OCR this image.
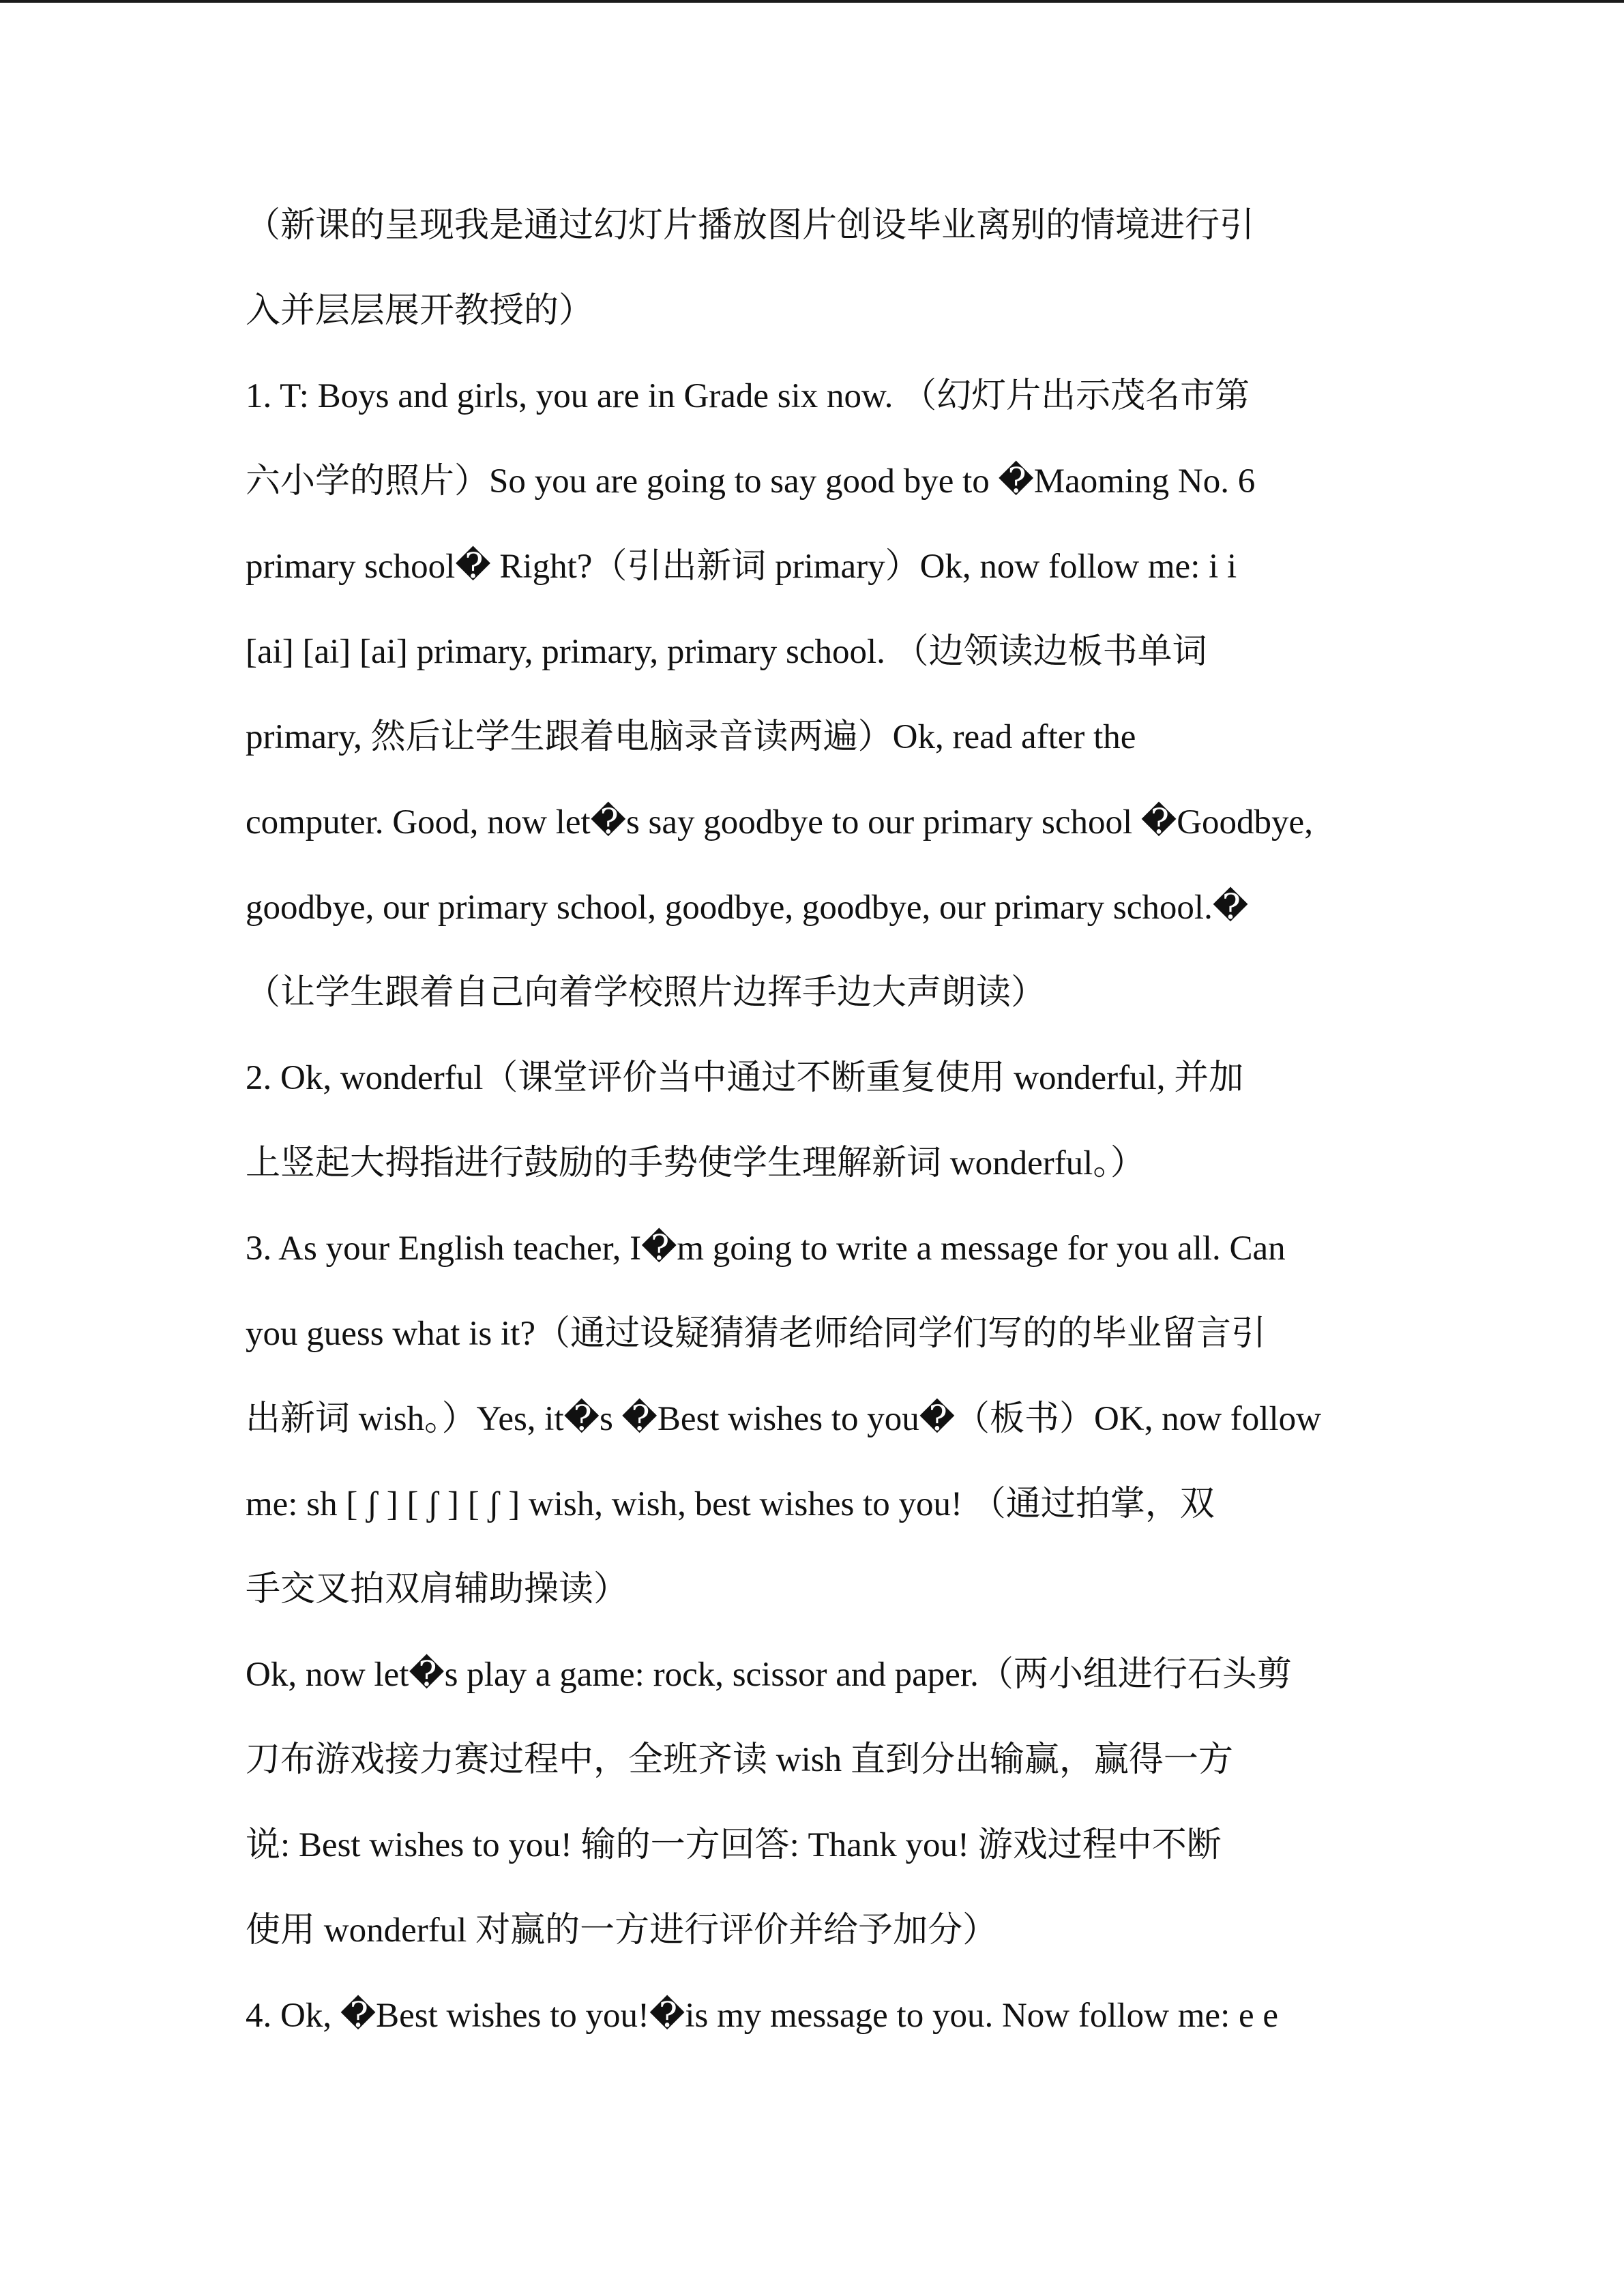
（新课的呈现我是通过幻灯片播放图片创设毕业离别的情境进行引
入并层层展开教授的）
1. T: Boys and girls, you are in Grade six now. （幻灯片出示茂名市第
六小学的照片）So you are going to say good bye to �Maoming No. 6
primary school� Right?（引出新词 primary）Ok, now follow me: i i
[ai] [ai] [ai] primary, primary, primary school. （边领读边板书单词
primary, 然后让学生跟着电脑录音读两遍）Ok, read after the
computer. Good, now let�s say goodbye to our primary school �Goodbye,
goodbye, our primary school, goodbye, goodbye, our primary school.�
（让学生跟着自己向着学校照片边挥手边大声朗读）
2. Ok, wonderful（课堂评价当中通过不断重复使用 wonderful, 并加
上竖起大拇指进行鼓励的手势使学生理解新词 wonderful。）
3. As your English teacher, I�m going to write a message for you all. Can
you guess what is it?（通过设疑猜猜老师给同学们写的的毕业留言引
出新词 wish。）Yes, it�s �Best wishes to you�（板书）OK, now follow
me: sh [ ʃ ] [ ʃ ] [ ʃ ] wish, wish, best wishes to you! （通过拍掌，双
手交叉拍双肩辅助操读）
Ok, now let�s play a game: rock, scissor and paper.（两小组进行石头剪
刀布游戏接力赛过程中，全班齐读 wish 直到分出输赢，赢得一方
说: Best wishes to you! 输的一方回答: Thank you! 游戏过程中不断
使用 wonderful 对赢的一方进行评价并给予加分）
4. Ok, �Best wishes to you!�is my message to you. Now follow me: e e
